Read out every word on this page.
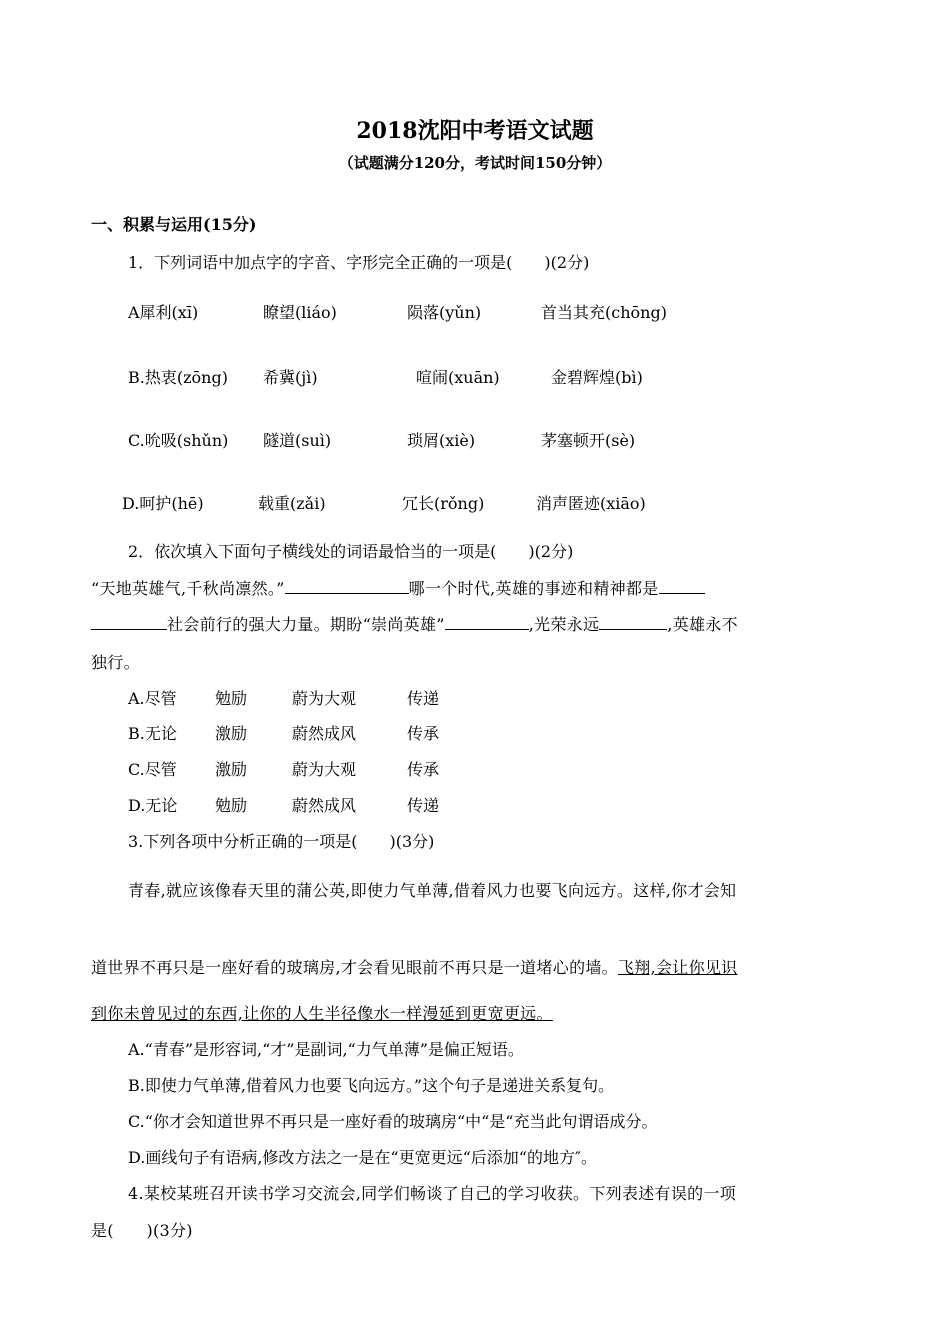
2018沈阳中考语文试题
（试题满分120分，考试时间150分钟）
一、积累与运用(15分)
1．下列词语中加点字的字音、字形完全正确的一项是(　　)(2分)
A犀利(xī)	瞭望(liáo)	陨落(yǔn)	首当其充(chōng)
B.热衷(zōng) 希冀(jì)	喧闹(xuān)	金碧辉煌(bì)
C.吮吸(shǔn) 隧道(suì)	琐屑(xiè)	茅塞顿开(sè)
D.呵护(hē)	载重(zǎi)	冗长(rǒng)	消声匿迹(xiāo)
2．依次填入下面句子横线处的词语最恰当的一项是(　　)(2分)
“天地英雄气,千秋尚凛然。”	哪一个时代,英雄的事迹和精神都是
社会前行的强大力量。期盼“崇尚英雄”	,光荣永远	,英雄永不
独行。
A.尽管 勉励	蔚为大观	传递
B.无论 激励	蔚然成风	传承
C.尽管 激励	蔚为大观	传承
D.无论 勉励	蔚然成风	传递
3.下列各项中分析正确的一项是(　　)(3分)
青春,就应该像春天里的蒲公英,即使力气单薄,借着风力也要飞向远方。这样,你才会知
道世界不再只是一座好看的玻璃房,才会看见眼前不再只是一道堵心的墙。飞翔,会让你见识
到你未曾见过的东西,让你的人生半径像水一样漫延到更宽更远。
A.“青春”是形容词,“才”是副词,“力气单薄”是偏正短语。
B.即使力气单薄,借着风力也要飞向远方。”这个句子是递进关系复句。
C.“你才会知道世界不再只是一座好看的玻璃房“中“是“充当此句谓语成分。
D.画线句子有语病,修改方法之一是在“更宽更远“后添加“的地方″。
4.某校某班召开读书学习交流会,同学们畅谈了自己的学习收获。下列表述有误的一项
是(　　)(3分)
